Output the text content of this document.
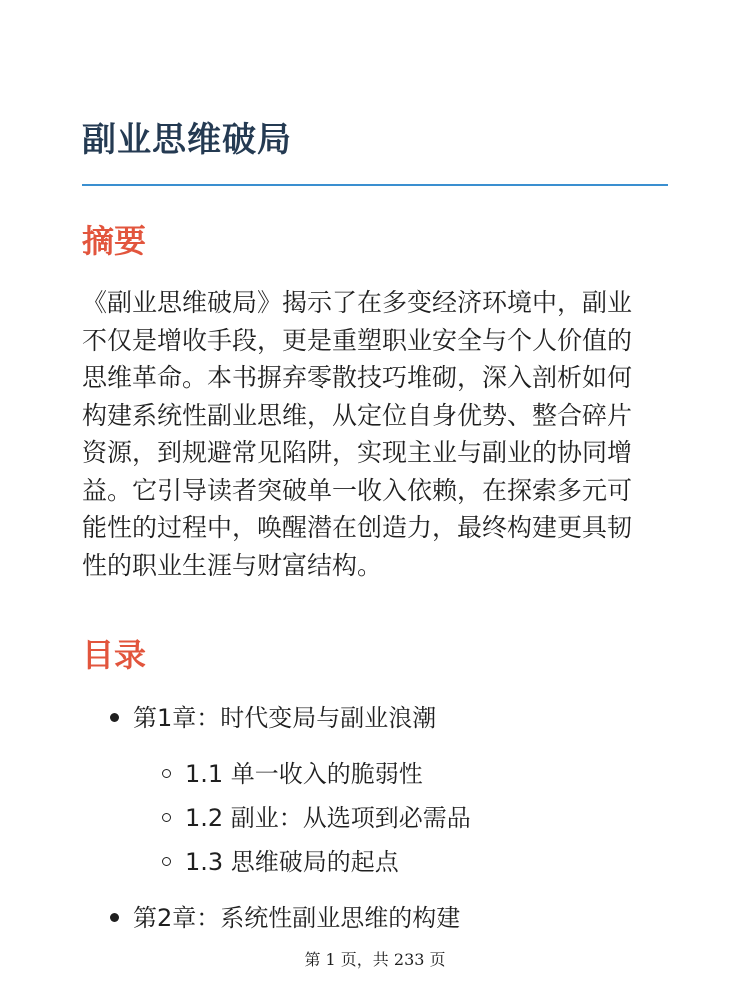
副业思维破局
摘要

《副业思维破局》揭示了在多变经济环境中，副业
不仅是增收手段，更是重塑职业安全与个人价值的
思维革命。本书摒弃零散技巧堆砌，深入剖析如何
构建系统性副业思维，从定位自身优势、整合碎片
资源，到规避常见陷阱，实现主业与副业的协同增
益。它引导读者突破单一收入依赖，在探索多元可
能性的过程中，唤醒潜在创造力，最终构建更具韧
性的职业生涯与财富结构。

目录
第1章：时代变局与副业浪潮
1.1 单一收入的脆弱性
1.2 副业：从选项到必需品
1.3 思维破局的起点
第2章：系统性副业思维的构建
第 1 页，共 233 页
